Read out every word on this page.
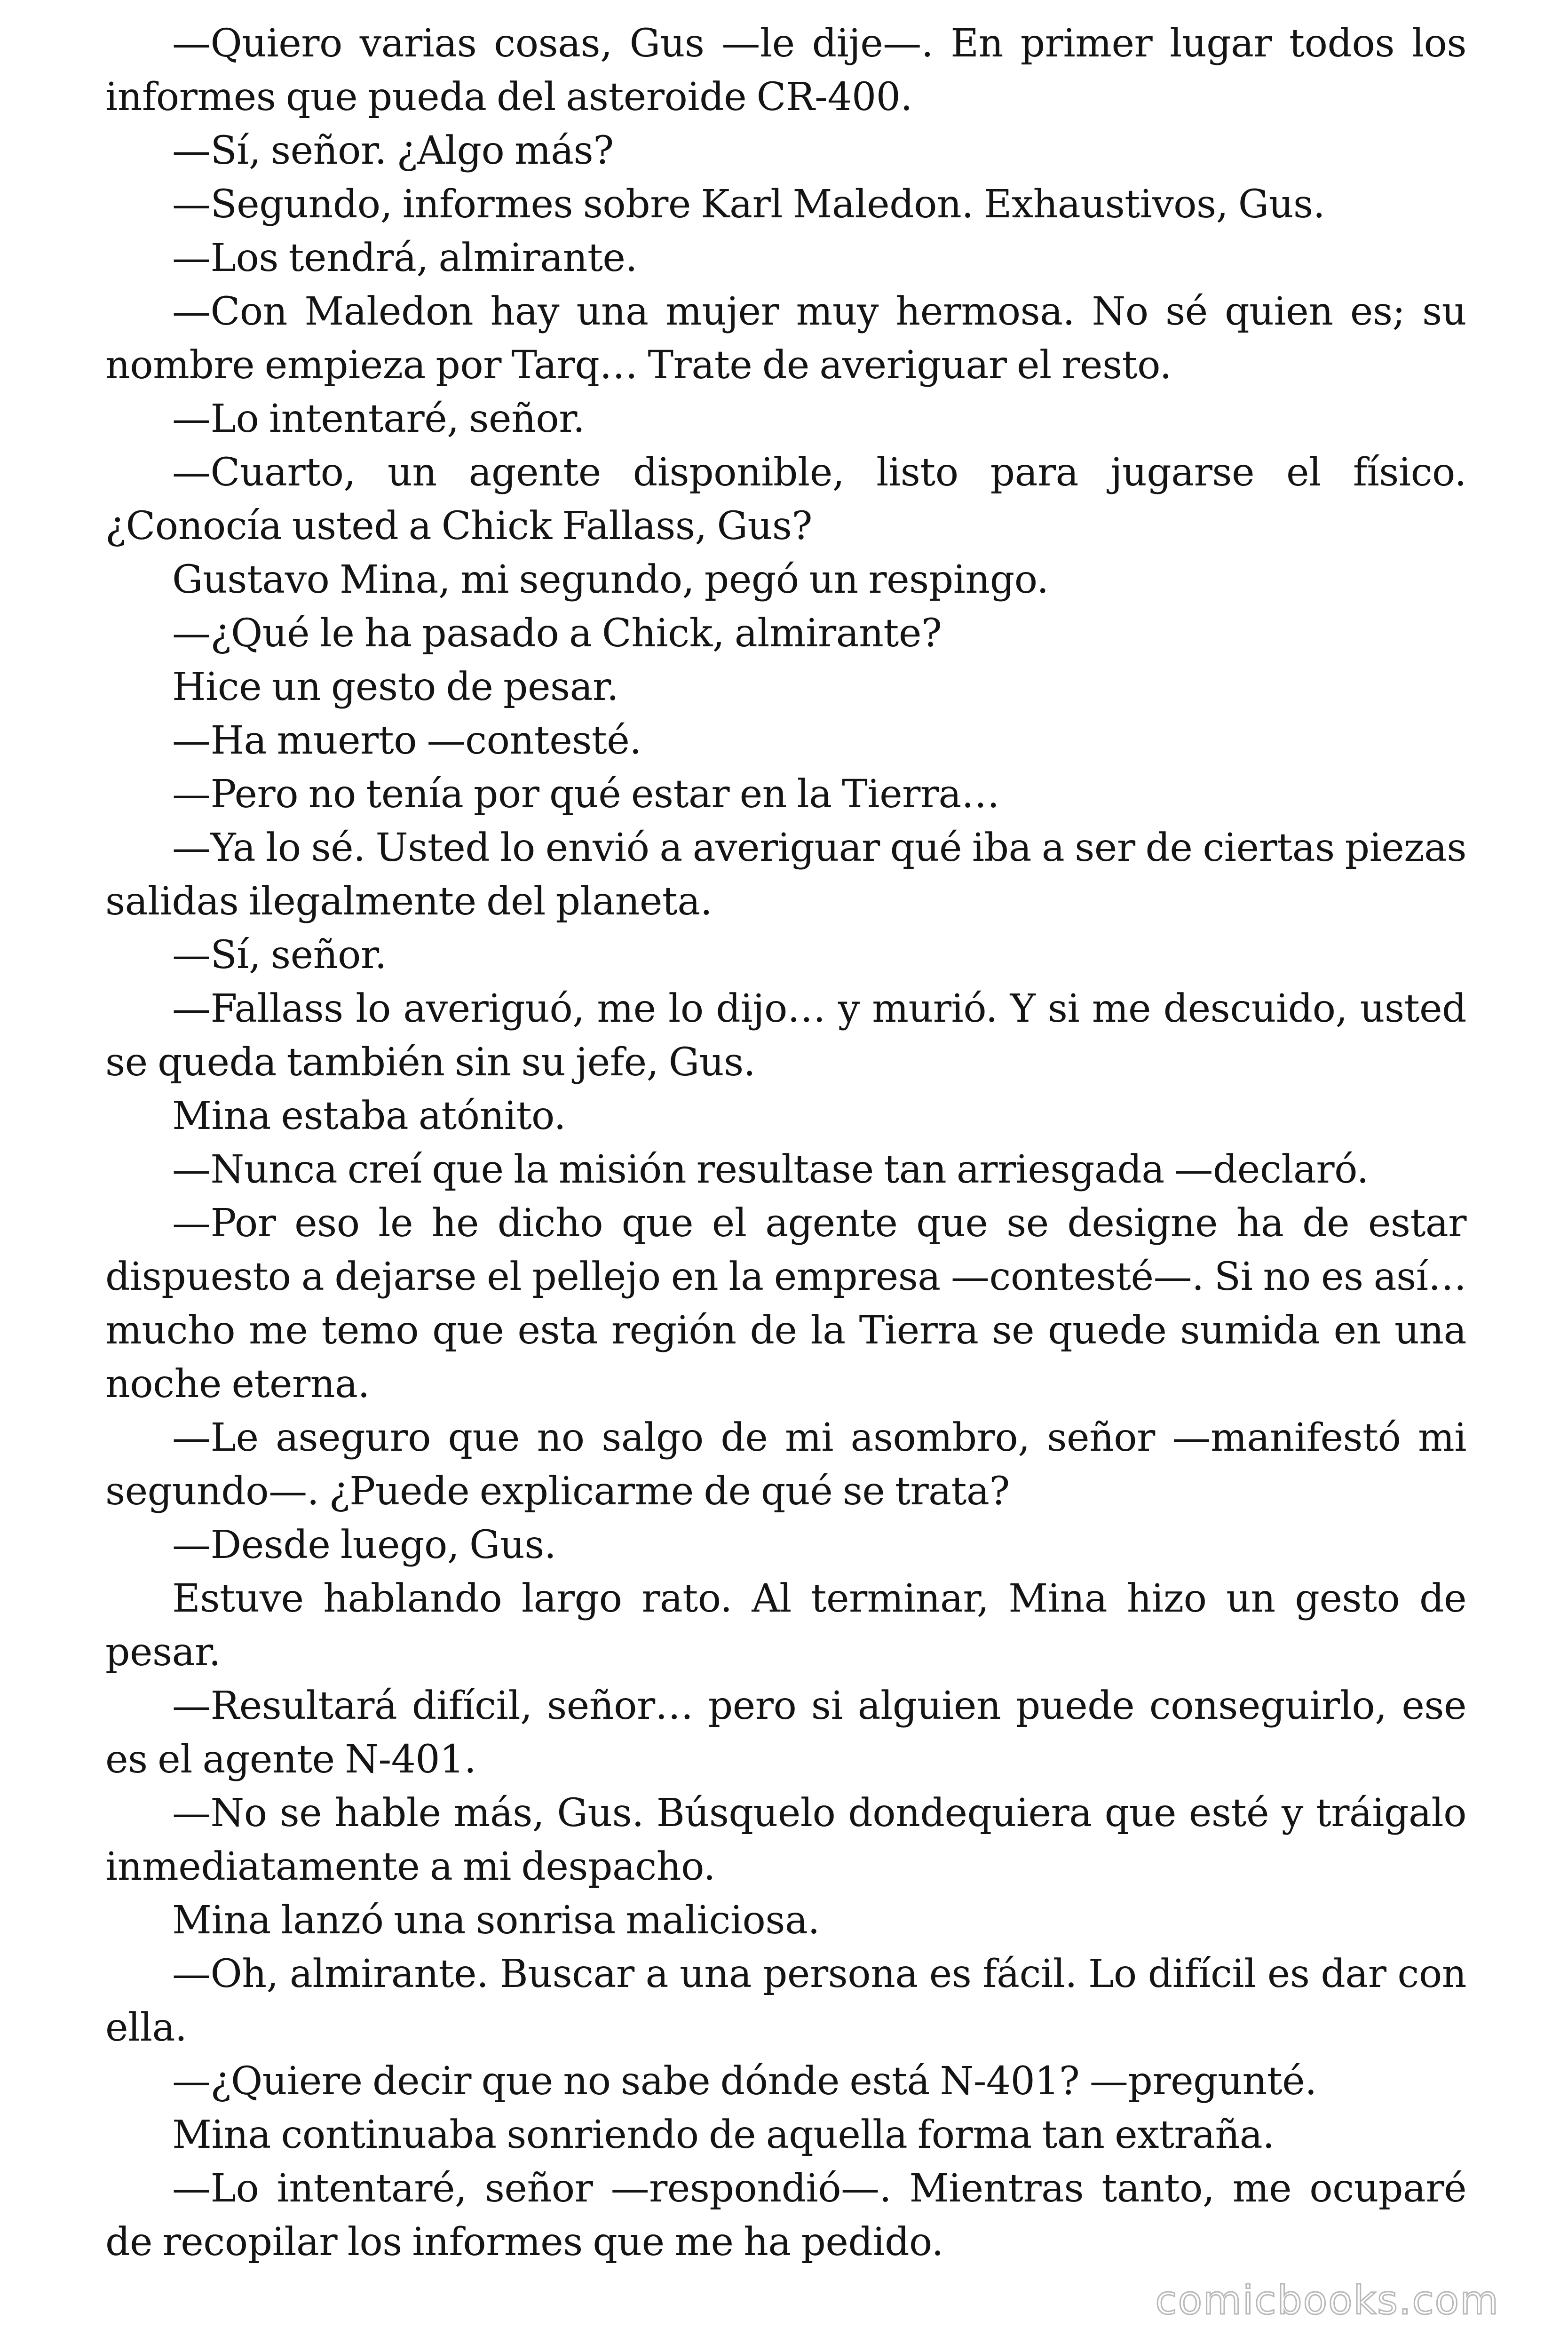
—Quiero varias cosas, Gus —le dije—. En primer lugar todos los informes que pueda del asteroide CR-400.

—Sí, señor. ¿Algo más?

—Segundo, informes sobre Karl Maledon. Exhaustivos, Gus.

—Los tendrá, almirante.

—Con Maledon hay una mujer muy hermosa. No sé quien es; su nombre empieza por Tarq… Trate de averiguar el resto.

—Lo intentaré, señor.

—Cuarto, un agente disponible, listo para jugarse el físico. ¿Conocía usted a Chick Fallass, Gus?

Gustavo Mina, mi segundo, pegó un respingo.

—¿Qué le ha pasado a Chick, almirante?

Hice un gesto de pesar.

—Ha muerto —contesté.

—Pero no tenía por qué estar en la Tierra…

—Ya lo sé. Usted lo envió a averiguar qué iba a ser de ciertas piezas salidas ilegalmente del planeta.

—Sí, señor.

—Fallass lo averiguó, me lo dijo… y murió. Y si me descuido, usted se queda también sin su jefe, Gus.

Mina estaba atónito.

—Nunca creí que la misión resultase tan arriesgada —declaró.

—Por eso le he dicho que el agente que se designe ha de estar dispuesto a dejarse el pellejo en la empresa —contesté—. Si no es así… mucho me temo que esta región de la Tierra se quede sumida en una noche eterna.

—Le aseguro que no salgo de mi asombro, señor —manifestó mi segundo—. ¿Puede explicarme de qué se trata?

—Desde luego, Gus.

Estuve hablando largo rato. Al terminar, Mina hizo un gesto de pesar.

—Resultará difícil, señor… pero si alguien puede conseguirlo, ese es el agente N-401.

—No se hable más, Gus. Búsquelo dondequiera que esté y tráigalo inmediatamente a mi despacho.

Mina lanzó una sonrisa maliciosa.

—Oh, almirante. Buscar a una persona es fácil. Lo difícil es dar con ella.

—¿Quiere decir que no sabe dónde está N-401? —pregunté.

Mina continuaba sonriendo de aquella forma tan extraña.

—Lo intentaré, señor —respondió—. Mientras tanto, me ocuparé de recopilar los informes que me ha pedido.

comicbooks.com
